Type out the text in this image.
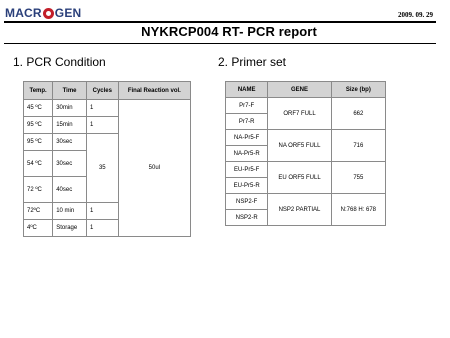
MACR GEN	2009. 09. 29
NYKRCP004 RT- PCR report
1. PCR Condition	2. Primer set
Temp.	Time	Cycles	Final Reaction vol.
45 ºC	30min	1	50ul
95 ºC	15min	1	
95 ºC	30sec	35	
54 ºC	30sec		
72 ºC	40sec		
72ºC	10 min	1	
4ºC	Storage	1	
NAME	GENE	Size (bp)
Pr7-F	ORF7 FULL	662
Pr7-R		
NA-Pr5-F	NA ORF5 FULL	716
NA-Pr5-R		
EU-Pr5-F	EU ORF5 FULL	755
EU-Pr5-R		
NSP2-F	NSP2 PARTIAL	N:768 H: 678
NSP2-R		
